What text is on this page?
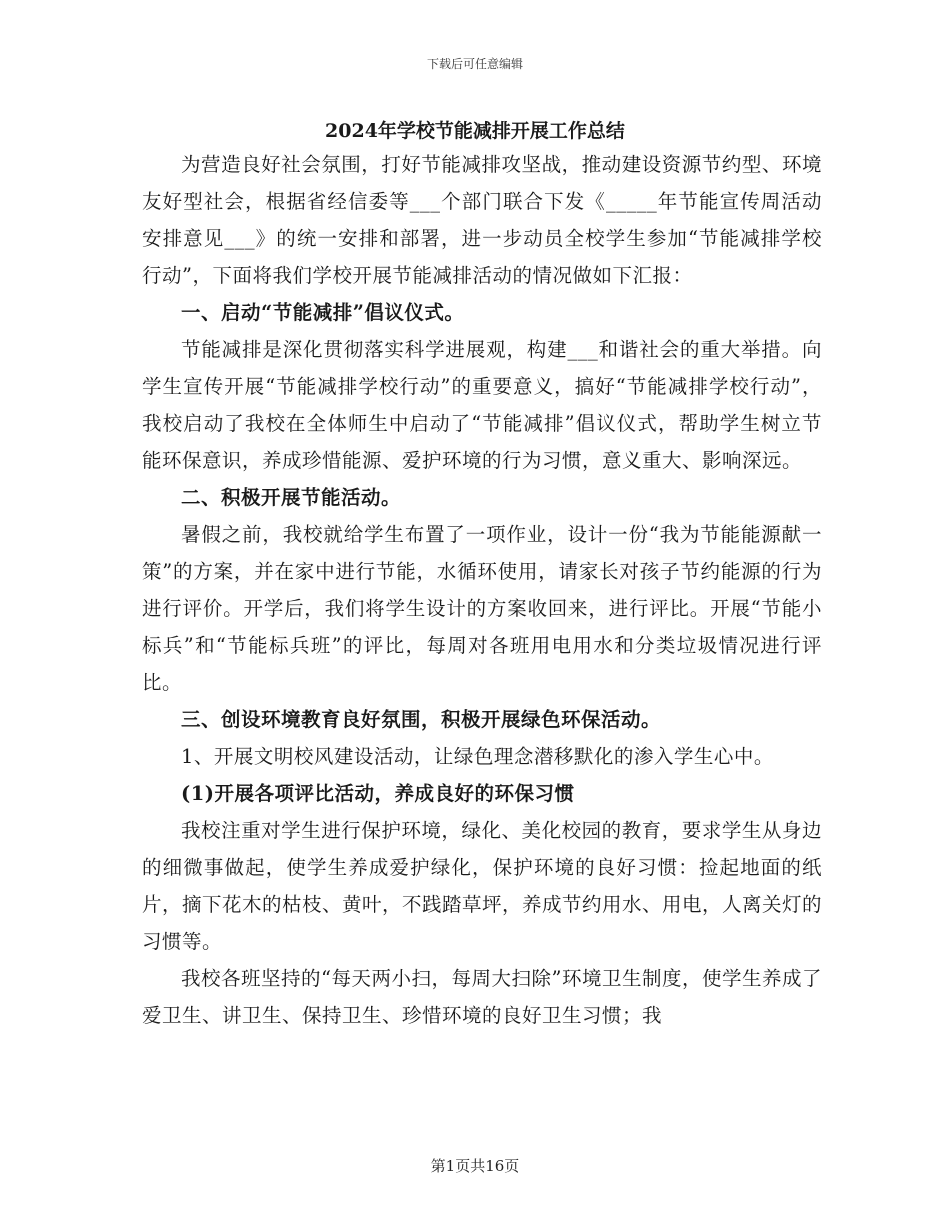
下载后可任意编辑
2024年学校节能减排开展工作总结

为营造良好社会氛围，打好节能减排攻坚战，推动建设资源节约型、环境友好型社会，根据省经信委等___个部门联合下发《_____年节能宣传周活动安排意见___》的统一安排和部署，进一步动员全校学生参加“节能减排学校行动”，下面将我们学校开展节能减排活动的情况做如下汇报：

一、启动“节能减排”倡议仪式。

节能减排是深化贯彻落实科学进展观，构建___和谐社会的重大举措。向学生宣传开展“节能减排学校行动”的重要意义，搞好“节能减排学校行动”，我校启动了我校在全体师生中启动了“节能减排”倡议仪式，帮助学生树立节能环保意识，养成珍惜能源、爱护环境的行为习惯，意义重大、影响深远。

二、积极开展节能活动。

暑假之前，我校就给学生布置了一项作业，设计一份“我为节能能源献一策”的方案，并在家中进行节能，水循环使用，请家长对孩子节约能源的行为进行评价。开学后，我们将学生设计的方案收回来，进行评比。开展“节能小标兵”和“节能标兵班”的评比，每周对各班用电用水和分类垃圾情况进行评比。

三、创设环境教育良好氛围，积极开展绿色环保活动。

1、开展文明校风建设活动，让绿色理念潜移默化的渗入学生心中。

(1)开展各项评比活动，养成良好的环保习惯

我校注重对学生进行保护环境，绿化、美化校园的教育，要求学生从身边的细微事做起，使学生养成爱护绿化，保护环境的良好习惯：捡起地面的纸片，摘下花木的枯枝、黄叶，不践踏草坪，养成节约用水、用电，人离关灯的习惯等。

我校各班坚持的“每天两小扫，每周大扫除”环境卫生制度，使学生养成了爱卫生、讲卫生、保持卫生、珍惜环境的良好卫生习惯；我

第1页共16页
